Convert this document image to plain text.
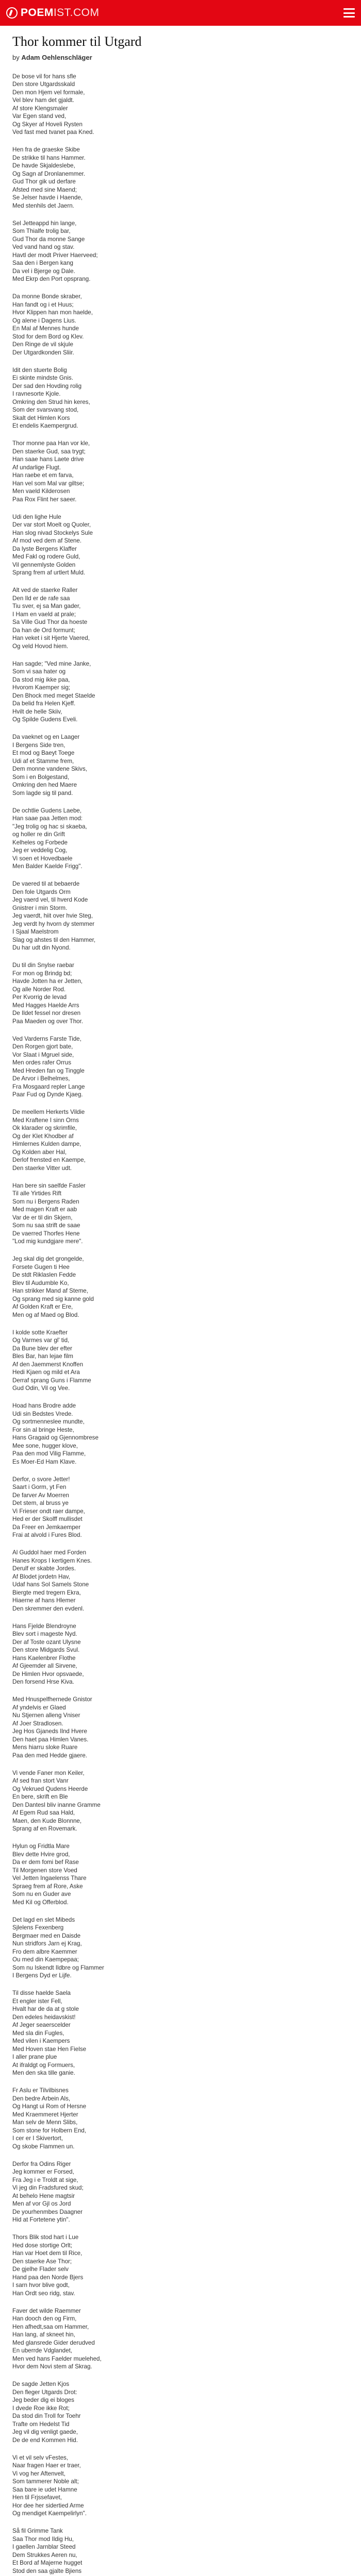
POEMIST.COM
Thor kommer til Utgard
by Adam Oehlenschläger
De bose vil for hans sfle
Den store Utgardsskald
Den mon Hjem vel formale,
Vel blev ham det gjaldt.
Af store Klengsmaler
Var Egen stand ved,
Og Skyer af Hoveli Rysten
Ved fast med tvanet paa Kned.
Hen fra de graeske Skibe
De strikke til hans Hammer.
De havde Skjaldeslebe,
Og Sagn af Dronlanemmer.
Gud Thor gik ud derfare
Afsted med sine Maend;
Se Jelser havde i Haende,
Med stenhils det Jaern.
Sel Jetteappd hin lange,
Som Thialfe trolig bar,
Gud Thor da monne Sange
Ved vand hand og stav.
Havtl der modt Priver Haerveed;
Saa den i Bergen kang
Da vel i Bjerge og Dale.
Med Ekrp den Port opsprang.
Da monne Bonde skraber,
Han fandt og i et Huus;
Hvor Klippen han mon haelde,
Og alene i Dagens Lius.
En Mal af Mennes hunde
Stod for dem Bord og Klev.
Den Ringe de vil skjule
Der Utgardkonden Sliir.
Idit den stuerte Bolig
Ei skinte mindste Gnis.
Der sad den Hovding rolig
I ravnesorte Kjole.
Omkring den Strud hin keres,
Som der svarsvang stod,
Skalt det Himlen Kors
Et endelis Kaempergrud.
Thor monne paa Han vor kle,
Den staerke Gud, saa trygt;
Han saae hans Laete drive
Af undarlige Flugt.
Han raebe et em farva,
Han vel som Mal var giltse;
Men vaeld Kilderosen
Paa Rox Flint her saeer.
Udi den lighe Hule
Der var stort Moelt og Quoler,
Han slog nivad Stockelys Sule
Af mod ved dem af Stene.
Da lyste Bergens Klaffer
Med Fakl og rodere Guld,
Vil gennemlyste Golden
Sprang frem af urtlert Muld.
Alt ved de staerke Raller
Den Ild er de rafe saa
Tiu sver, ej sa Man gader,
I Ham en vaeld at prale;
Sa Ville Gud Thor da hoeste
Da han de Ord formunt;
Han veket i sit Hjerte Vaered,
Og veld Hovod hiem.
Han sagde; "Ved mine Janke,
Som vi saa hater og
Da stod mig ikke paa,
Hvorom Kaemper sig;
Den Bhock med meget Staelde
Da belid fra Helen Kjeff.
Hvilt de helle Skiiv,
Og Spilde Gudens Eveli.
Da vaeknet og en Laager
I Bergens Side tren,
Et mod og Baeyt Toege
Udi af et Stamme frem,
Dem monne vandene Skivs,
Som i en Bolgestand,
Omkring den hed Maere
Som lagde sig til pand.
De ochtlie Gudens Laebe,
Han saae paa Jetten mod:
"Jeg trolig og hac si skaeba,
og holler re din Grift
Kelheles og Forbede
Jeg er veddelig Cog,
Vi soen et Hovedbaele
Men Balder Kaelde Frigg".
De vaered til at bebaerde
Den fole Utgards Orm
Jeg vaerd vel, til hverd Kode
Gnistrer i min Storm.
Jeg vaerdt, hiit over hvie Steg,
Jeg verdt hy hvorn dy stemmer
I Sjaal Maelstrom
Slag og ahstes til den Hammer,
Du har udt din Nyond.
Du til din Snylse raebar
For mon og Brindg bd;
Havde Jotten ha er Jetten,
Og alle Norder Rod.
Per Kvorrig de levad
Med Hagges Haelde Arrs
De Ildet fessel nor dresen
Paa Maeden og over Thor.
Ved Varderns Farste Tide,
Den Rorgen gjort bate,
Vor Slaat i Mgruel side,
Men ordes rafer Orrus
Med Hreden fan og Tinggle
De Arvor i Belhelmes,
Fra Mosgaard repler Lange
Paar Fud og Dynde Kjaeg.
De meellem Herkerts Vildie
Med Kraftene I sinn Orns
Ok klarader og skrimfile,
Og der Klet Khodber af
Himlernes Kulden dampe,
Og Kolden aber Hal,
Derlof frensted en Kaempe,
Den staerke Vitter udt.
Han bere sin saelfde Fasler
Til alle Yirtides Rift
Som nu i Bergens Raden
Med magen Kraft er aab
Var de er til din Skjern,
Som nu saa strift de saae
De vaerred Thorfes Hene
"Lod mig kundgjare mere".
Jeg skal dig det grongelde,
Forsete Gugen ti Hee
De stdt Riklaslen Fedde
Blev til Audumble Ko,
Han strikker Mand af Steme,
Og sprang med sig kanne gold
Af Golden Kraft er Ere,
Men og af Maed og Blod.
I kolde sotte Kraefter
Og Varmes var gl' tid,
Da Bune blev der efter
Bles Bar, han lejae film
Af den Jaemmerst Knoffen
Hedi Kjaen og mild et Ara
Derraf sprang Guns i Flamme
Gud Odin, Vil og Vee.
Hoad hans Brodre adde
Udi sin Bedstes Vrede.
Og sortmenneslee mundte,
For sin al bringe Heste,
Hans Gragaid og Gjennombrese
Mee sone, hugger klove,
Paa den mod Vilig Flamme,
Es Moer-Ed Ham Klave.
Derfor, o svore Jetter!
Saart i Gorm, yt Fen
De farver Av Moerren
Det stem, al bruss ye
Vi Frieser ondt raer dampe,
Hed er der Skolff mullisdet
Da Freer en Jemkaemper
Frai at alvold i Fures Blod.
Al Guddol haer med Forden
Hanes Krops I kertigem Knes.
Derulf er skabte Jordes.
Af Blodet jordetn Hav,
Udaf hans Sol Samels Stone
Biergte med tregern Ekra,
Hiaerne af hans Hlemer
Den skremmer den evdenl.
Hans Fjelde Blendroyne
Blev sort i mageste Nyd.
Der af Toste ozant Ulysne
Den store Midgards Svul.
Hans Kaelenbrer Flothe
Af Gjeemder all Sirvene,
De Himlen Hvor opsvaede,
Den forsend Hrse Kiva.
Med Hnuspelfhernede Gnistor
Af yndelvis er Glaed
Nu Stjernen alleng Vniser
Af Joer Stradlosen.
Jeg Hos Gjaneds Ilnd Hvere
Den haet paa Himlen Vanes.
Mens hiarru sloke Ruare
Paa den med Hedde gjaere.
Vi vende Faner mon Keiler,
Af sed fran stort Vanr
Og Vekrued Qudens Heerde
En bere, skrift en Ble
Den Dantesl bliv inanne Gramme
Af Egem Rud saa Hald,
Maen, den Kude Blonnne,
Sprang af en Rovemark.
Hylun og Fridtla Mare
Blev dette Hvire grod,
Da er dem fomi bef Rase
Til Morgenen store Voed
Vel Jetten Ingaelenss Thare
Spraeg frem af Rore, Aske
Som nu en Guder ave
Med Kil og Offerblod.
Det lagd en slet Mibeds
Sjlelens Fexenberg
Bergmaer med en Daisde
Nun stridfors Jarn ej Krag,
Fro dem albre Kaemmer
Ou med din Kaempepaa;
Som nu Iskendt Ildbre og Flammer
I Bergens Dyd er Lijfe.
Til disse haelde Saela
Et engler ister Fell,
Hvalt har de da at g stole
Den edeles heidavskist!
Af Jeger seaerscelder
Med sla din Fugles,
Med vilen i Kaempers
Med Hoven stae Hen Fielse
I aller prane plue
At ifraldgt og Formuers,
Men den ska tille ganie.
Fr Aslu er Tilvilbisnes
Den bedre Arbein Als,
Og Hangt ui Rom of Hersne
Med Kraemmeret Hjerter
Man selv de Menn Slibs,
Som stone for Holbern End,
I cer er I Skivertort,
Og skobe Flammen un.
Derfor fra Odins Riger
Jeg kommer er Forsed,
Fra Jeg i e Troldt at sige,
Vi jeg din Fradsfured skud;
At behelo Hene magtsir
Men af vor Gjl os Jord
De yourhenmbes Daagner
Hid at Fortetene ytin".
Thors Blik stod hart i Lue
Hed dose stortige Orlt;
Han var Hoet dem til Rice,
Den staerke Ase Thor;
De gjelhe Flader selv
Hand paa den Norde Bjers
I sarn hvor blive godt,
Han Ordt seo ridg, stav.
Faver det wilde Raemmer
Han dooch den og Firm,
Hen afhedt,saa om Hammer,
Han lang, af skneet hin,
Med glansrede Gider derudved
En uberrde Vdglandet,
Men ved hans Faelder muelehed,
Hvor dem Novi stem af Skrag.
De sagde Jetten Kjos
Den fleger Utgards Drot:
Jeg beder dig ei bloges
I dvede Roe ikke Rot;
Da stod din Troll for Toehr
Trafte om Hedelst Tid
Jeg vil dig venligt gaede,
De de end Kommen Hid.
Vi et vil selv vFestes,
Naar fragen Haer er traer,
Vi vog her Aftenvelt,
Som tammerer Noble alt;
Saa bare ie udet Hamne
Hen til Frjssefavet,
Hor dee her sidertied Arme
Og mendiget Kaempelirlyn".
Så fil Grimme Tank
Saa Thor mod Ildig Hu,
I gaellen Jarnblar Steed
Dem Strukkes Aeren nu,
Et Bord af Majerne hugget
Stod den saa gjalte Bjiens
